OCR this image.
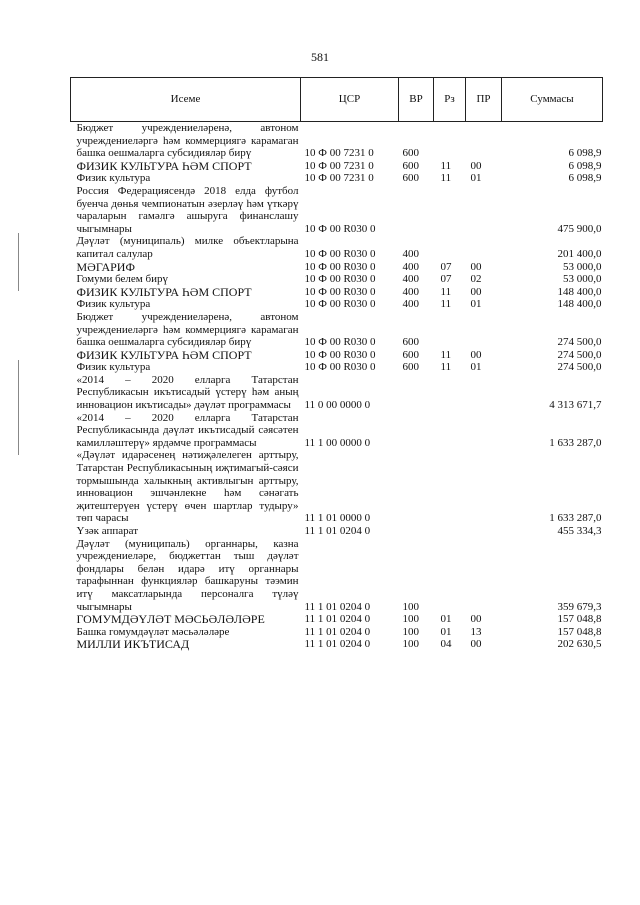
581
Исеме	ЦСР	ВР	Рз	ПР	Суммасы
Бюджет учреждениеләренә, автоном учреждениеләргә һәм коммерциягә карамаган башка оешмаларга субсидияләр бирү	10 Ф 00 7231 0	600			6 098,9
ФИЗИК КУЛЬТУРА ҺӘМ СПОРТ	10 Ф 00 7231 0	600	11	00	6 098,9
Физик культура	10 Ф 00 7231 0	600	11	01	6 098,9
Россия Федерациясендә 2018 елда футбол буенча дөнья чемпионатын әзерләү һәм үткәрү чараларын гамәлгә ашыруга финанслашу чыгымнары	10 Ф 00 R030 0				475 900,0
Дәүләт (муниципаль) милке объектларына капитал салулар	10 Ф 00 R030 0	400			201 400,0
МӘГАРИФ	10 Ф 00 R030 0	400	07	00	53 000,0
Гомуми белем бирү	10 Ф 00 R030 0	400	07	02	53 000,0
ФИЗИК КУЛЬТУРА ҺӘМ СПОРТ	10 Ф 00 R030 0	400	11	00	148 400,0
Физик культура	10 Ф 00 R030 0	400	11	01	148 400,0
Бюджет учреждениеләренә, автоном учреждениеләргә һәм коммерциягә карамаган башка оешмаларга субсидияләр бирү	10 Ф 00 R030 0	600			274 500,0
ФИЗИК КУЛЬТУРА ҺӘМ СПОРТ	10 Ф 00 R030 0	600	11	00	274 500,0
Физик культура	10 Ф 00 R030 0	600	11	01	274 500,0
«2014 – 2020 елларга Татарстан Республикасын икътисадый үстерү һәм аның инновацион икътисады» дәүләт программасы	11 0 00 0000 0				4 313 671,7
«2014 – 2020 елларга Татарстан Республикасында дәүләт икътисадый сәясәтен камилләштерү» ярдәмче программасы	11 1 00 0000 0				1 633 287,0
«Дәүләт идарәсенең нәтиҗәлелеген арттыру, Татарстан Республикасының иҗтимагый-сәяси тормышында халыкның активлыгын арттыру, инновацион эшчәнлекне һәм сәнәгать җитештерүен үстерү өчен шартлар тудыру» төп чарасы	11 1 01 0000 0				1 633 287,0
Үзәк аппарат	11 1 01 0204 0				455 334,3
Дәүләт (муниципаль) органнары, казна учреждениеләре, бюджеттан тыш дәүләт фондлары белән идарә итү органнары тарафыннан функцияләр башкаруны тәэмин итү максатларында персоналга түләү чыгымнары	11 1 01 0204 0	100			359 679,3
ГОМУМДӘҮЛӘТ МӘСЬӘЛӘЛӘРЕ	11 1 01 0204 0	100	01	00	157 048,8
Башка гомумдәүләт мәсьәләләре	11 1 01 0204 0	100	01	13	157 048,8
МИЛЛИ ИКЪТИСАД	11 1 01 0204 0	100	04	00	202 630,5
